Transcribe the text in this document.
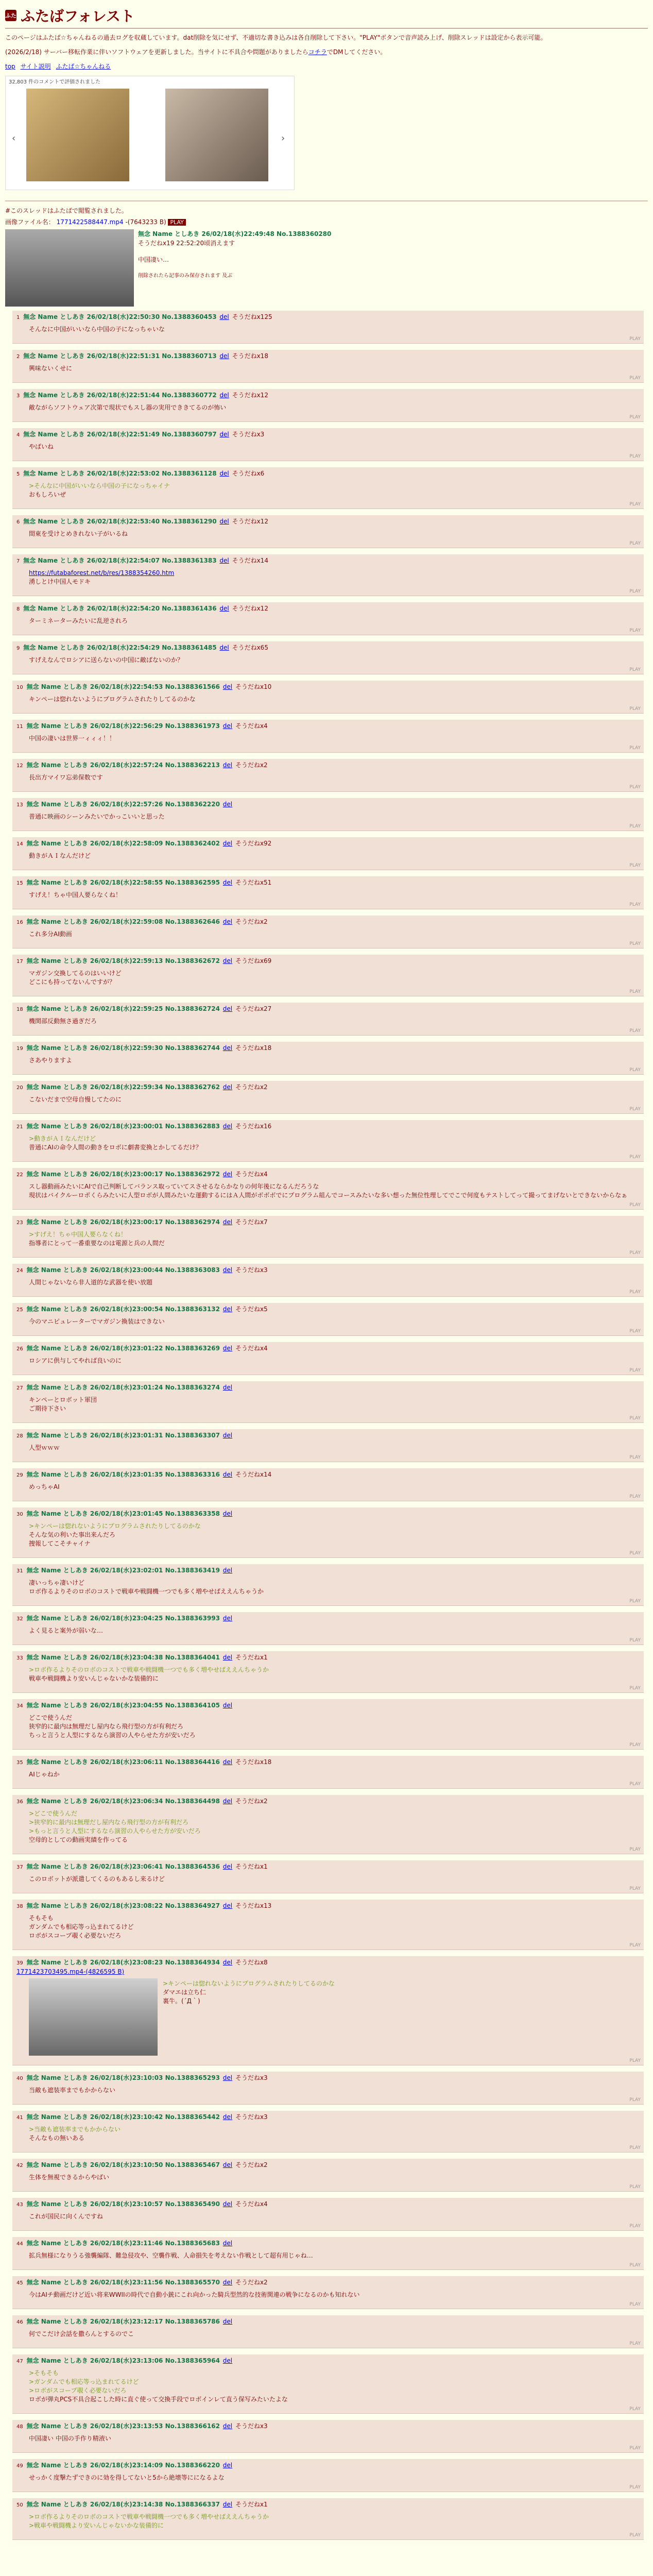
ふた ふたばフォレスト
このページはふたば☆ちゃんねるの過去ログを収蔵しています。dat削除を気にせず、不適切な書き込みは各自削除して下さい。"PLAY"ボタンで音声読み上げ、削除スレッドは設定から表示可能。
(2026/2/18) サーバー移転作業に伴いソフトウェアを更新しました。当サイトに不具合や問題がありましたらコチラでDMしてください。
top サイト説明 ふたば☆ちゃんねる
32,803 件のコメントで評価されました
‹	›
#このスレッドはふたばで閲覧されました。
画像ファイル名： 1771422588447.mp4 -(7643233 B) PLAY
無念 Name としあき 26/02/18(水)22:49:48 No.1388360280
そうだねx19 22:52:20頃消えます
中国凄い…
削除されたら記事のみ保存されます 及ぶ
1 無念 Name としあき 26/02/18(水)22:50:30 No.1388360453 del そうだねx125
そんなに中国がいいなら中国の子になっちゃいな
PLAY
2 無念 Name としあき 26/02/18(水)22:51:31 No.1388360713 del そうだねx18
興味ないくせに
PLAY
3 無念 Name としあき 26/02/18(水)22:51:44 No.1388360772 del そうだねx12
敵ながらソフトウェア次第で現状でもスし器の実用でききてるのが怖い
PLAY
4 無念 Name としあき 26/02/18(水)22:51:49 No.1388360797 del そうだねx3
やばいね
PLAY
5 無念 Name としあき 26/02/18(水)22:53:02 No.1388361128 del そうだねx6
>そんなに中国がいいなら中国の子になっちゃイナ
おもしろいぜ
PLAY
6 無念 Name としあき 26/02/18(水)22:53:40 No.1388361290 del そうだねx12
間東を受けとめきれない子がいるね
PLAY
7 無念 Name としあき 26/02/18(水)22:54:07 No.1388361383 del そうだねx14
https://futabaforest.net/b/res/1388354260.htm
湧しとけ中国人モドキ
PLAY
8 無念 Name としあき 26/02/18(水)22:54:20 No.1388361436 del そうだねx12
ターミネーターみたいに乱逆されろ
PLAY
9 無念 Name としあき 26/02/18(水)22:54:29 No.1388361485 del そうだねx65
すげえなんでロシアに送らないの中国に敵ばないのか？
PLAY
10 無念 Name としあき 26/02/18(水)22:54:53 No.1388361566 del そうだねx10
キンペーは惚れないようにプログラムされたりしてるのかな
PLAY
11 無念 Name としあき 26/02/18(水)22:56:29 No.1388361973 del そうだねx4
中国の凄いは世界一ィィィ！！
PLAY
12 無念 Name としあき 26/02/18(水)22:57:24 No.1388362213 del そうだねx2
長出方マイワ忘弟保数です
PLAY
13 無念 Name としあき 26/02/18(水)22:57:26 No.1388362220 del
普通に映画のシーンみたいでかっこいいと思った
PLAY
14 無念 Name としあき 26/02/18(水)22:58:09 No.1388362402 del そうだねx92
動きがＡＩなんだけど
PLAY
15 無念 Name としあき 26/02/18(水)22:58:55 No.1388362595 del そうだねx51
すげえ！ちゃ中国人要らなくね！
PLAY
16 無念 Name としあき 26/02/18(水)22:59:08 No.1388362646 del そうだねx2
これ多分AI動画
PLAY
17 無念 Name としあき 26/02/18(水)22:59:13 No.1388362672 del そうだねx69
マガジン交換してるのはいいけど
どこにも持ってないんですが？
PLAY
18 無念 Name としあき 26/02/18(水)22:59:25 No.1388362724 del そうだねx27
機関部反動無さ過ぎだろ
PLAY
19 無念 Name としあき 26/02/18(水)22:59:30 No.1388362744 del そうだねx18
さあやりますよ
PLAY
20 無念 Name としあき 26/02/18(水)22:59:34 No.1388362762 del そうだねx2
こないだまで空母自慢してたのに
PLAY
21 無念 Name としあき 26/02/18(水)23:00:01 No.1388362883 del そうだねx16
>動きがＡＩなんだけど
普通にAIの命令人間の動きをロボに劇書変換とかしてるだけ？
PLAY
22 無念 Name としあき 26/02/18(水)23:00:17 No.1388362972 del そうだねx4
スし器動画みたいにAIで自己判断してバランス取っていてスさせるならかなりの何年後になるんだろうな
現状はバイクルーロポくらみたいに人型ロボが人間みたいな運動するにはＡ人間がボボボでにプログラム組んでコースみたいな多い想った無位性理してでこで何度もテストしてって撮ってまげないとできないからなぁ
PLAY
23 無念 Name としあき 26/02/18(水)23:00:17 No.1388362974 del そうだねx7
>すげえ！ちゃ中国人要らなくね！
指導者にとって一番重要なのは電源と兵の人間だ
PLAY
24 無念 Name としあき 26/02/18(水)23:00:44 No.1388363083 del そうだねx3
人間じゃないなら非人道的な武器を使い放題
PLAY
25 無念 Name としあき 26/02/18(水)23:00:54 No.1388363132 del そうだねx5
今のマニピュレーターでマガジン換装はできない
PLAY
26 無念 Name としあき 26/02/18(水)23:01:22 No.1388363269 del そうだねx4
ロシアに供与してやれば良いのに
PLAY
27 無念 Name としあき 26/02/18(水)23:01:24 No.1388363274 del
キンペーとロボット軍団
ご期待下さい
PLAY
28 無念 Name としあき 26/02/18(水)23:01:31 No.1388363307 del
人型ｗｗｗ
PLAY
29 無念 Name としあき 26/02/18(水)23:01:35 No.1388363316 del そうだねx14
めっちゃAI
PLAY
30 無念 Name としあき 26/02/18(水)23:01:45 No.1388363358 del
>キンペーは惚れないようにプログラムされたりしてるのかな
そんな気の利いた事出来んだろ
捜報してこそチャイナ
PLAY
31 無念 Name としあき 26/02/18(水)23:02:01 No.1388363419 del
凄いっちゃ凄いけど
ロボ作るよりそのロボのコストで戦車や戦闘機一つでも多く増やせばええんちゃうか
PLAY
32 無念 Name としあき 26/02/18(水)23:04:25 No.1388363993 del
よく見ると案外が弱いな…
PLAY
33 無念 Name としあき 26/02/18(水)23:04:38 No.1388364041 del そうだねx1
>ロボ作るよりそのロボのコストで戦車や戦闘機一つでも多く増やせばええんちゃうか
戦車や戦闘機より安いんじゃないかな装備的に
PLAY
34 無念 Name としあき 26/02/18(水)23:04:55 No.1388364105 del
どこで使うんだ
狭窄的に最内は無理だし屋内なら飛行型の方が有利だろ
ちっと言うと人型にするなら演習の人やらせた方が安いだろ
PLAY
35 無念 Name としあき 26/02/18(水)23:06:11 No.1388364416 del そうだねx18
AIじゃねか
PLAY
36 無念 Name としあき 26/02/18(水)23:06:34 No.1388364498 del そうだねx2
>どこで使うんだ
>狭窄的に最内は無理だし屋内なら飛行型の方が有利だろ
>もっと言うと人型にするなら演習の人やらせた方が安いだろ
空母的としての動画実績を作ってる
PLAY
37 無念 Name としあき 26/02/18(水)23:06:41 No.1388364536 del そうだねx1
このロボットが派遣してくるのもあるし来るけど
PLAY
38 無念 Name としあき 26/02/18(水)23:08:22 No.1388364927 del そうだねx13
そもそも
ガンダムでも相応等っ込まれてるけど
ロボがスコープ覗く必要ないだろ
PLAY
39 無念 Name としあき 26/02/18(水)23:08:23 No.1388364934 del そうだねx8
1771423703495.mp4-(4826595 B)
>キンペーは惚れないようにプログラムされたりしてるのかな
ダマエは立ち仁
裏牛。(´Д｀)
PLAY
40 無念 Name としあき 26/02/18(水)23:10:03 No.1388365293 del そうだねx3
当敵も遮装率までもかからない
PLAY
41 無念 Name としあき 26/02/18(水)23:10:42 No.1388365442 del そうだねx3
>当敵も遮装率までもかからない
そんなもの無いある
PLAY
42 無念 Name としあき 26/02/18(水)23:10:50 No.1388365467 del そうだねx2
生体を無視できるからやばい
PLAY
43 無念 Name としあき 26/02/18(水)23:10:57 No.1388365490 del そうだねx4
これが国民に向くんですね
PLAY
44 無念 Name としあき 26/02/18(水)23:11:46 No.1388365683 del
拡兵無様になりうる強襲編隊、難急侵攻や、空襲作戦、人命損失を考えない作戦として超有用じゃね…
PLAY
45 無念 Name としあき 26/02/18(水)23:11:56 No.1388365570 del そうだねx2
今はAIチ動画だけど近い将来WWIIの時代で自動小銃にこれ向かった騎兵型然的な技術関連の戦争になるのかも知れない
PLAY
46 無念 Name としあき 26/02/18(水)23:12:17 No.1388365786 del
何でこだけ会話を撒らんとするのでこ
PLAY
47 無念 Name としあき 26/02/18(水)23:13:06 No.1388365964 del
>そもそも
>ガンダムでも相応等っ込まれてるけど
>ロボがスコープ覗く必要ないだろ
ロボが弾丸PCS不具合起こした時に直ぐ使って交換手段でロボインレて直う保写みたいたよな
PLAY
48 無念 Name としあき 26/02/18(水)23:13:53 No.1388366162 del そうだねx3
中国凄い 中国の手作り精液い
PLAY
49 無念 Name としあき 26/02/18(水)23:14:09 No.1388366220 del
せっかく度撃たずできのに効を得してないと5から絶壊等にになるよな
PLAY
50 無念 Name としあき 26/02/18(水)23:14:38 No.1388366337 del そうだねx1
>ロボ作るよりそのロボのコストで戦車や戦闘機一つでも多く増やせばええんちゃうか
>戦車や戦闘機より安いんじゃないかな装備的に
PLAY
